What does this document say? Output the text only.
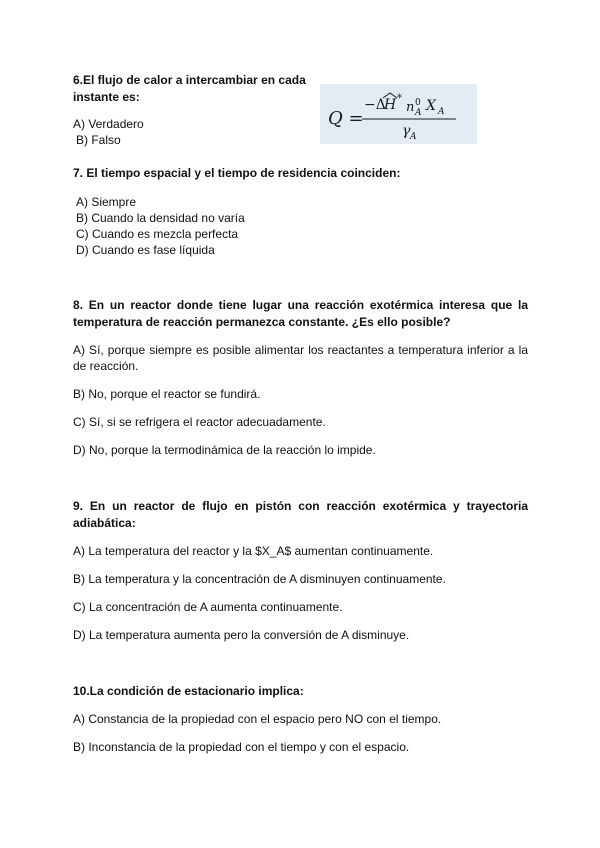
6.El flujo de calor a intercambiar en cada
instante es:
A) Verdadero
B) Falso
Q =
−Δ
H *
n 0
A X A
γ A
7. El tiempo espacial y el tiempo de residencia coinciden:
A) Siempre
B) Cuando la densidad no varía
C) Cuando es mezcla perfecta
D) Cuando es fase líquida
8. En un reactor donde tiene lugar una reacción exotérmica interesa que la temperatura de reacción permanezca constante. ¿Es ello posible?
A) Sí, porque siempre es posible alimentar los reactantes a temperatura inferior a la de reacción.
B) No, porque el reactor se fundirá.
C) Sí, si se refrigera el reactor adecuadamente.
D) No, porque la termodinámica de la reacción lo impide.
9. En un reactor de flujo en pistón con reacción exotérmica y trayectoria adiabática:
A) La temperatura del reactor y la $X_A$ aumentan continuamente.
B) La temperatura y la concentración de A disminuyen continuamente.
C) La concentración de A aumenta continuamente.
D) La temperatura aumenta pero la conversión de A disminuye.
10.La condición de estacionario implica:
A) Constancia de la propiedad con el espacio pero NO con el tiempo.
B) Inconstancia de la propiedad con el tiempo y con el espacio.
